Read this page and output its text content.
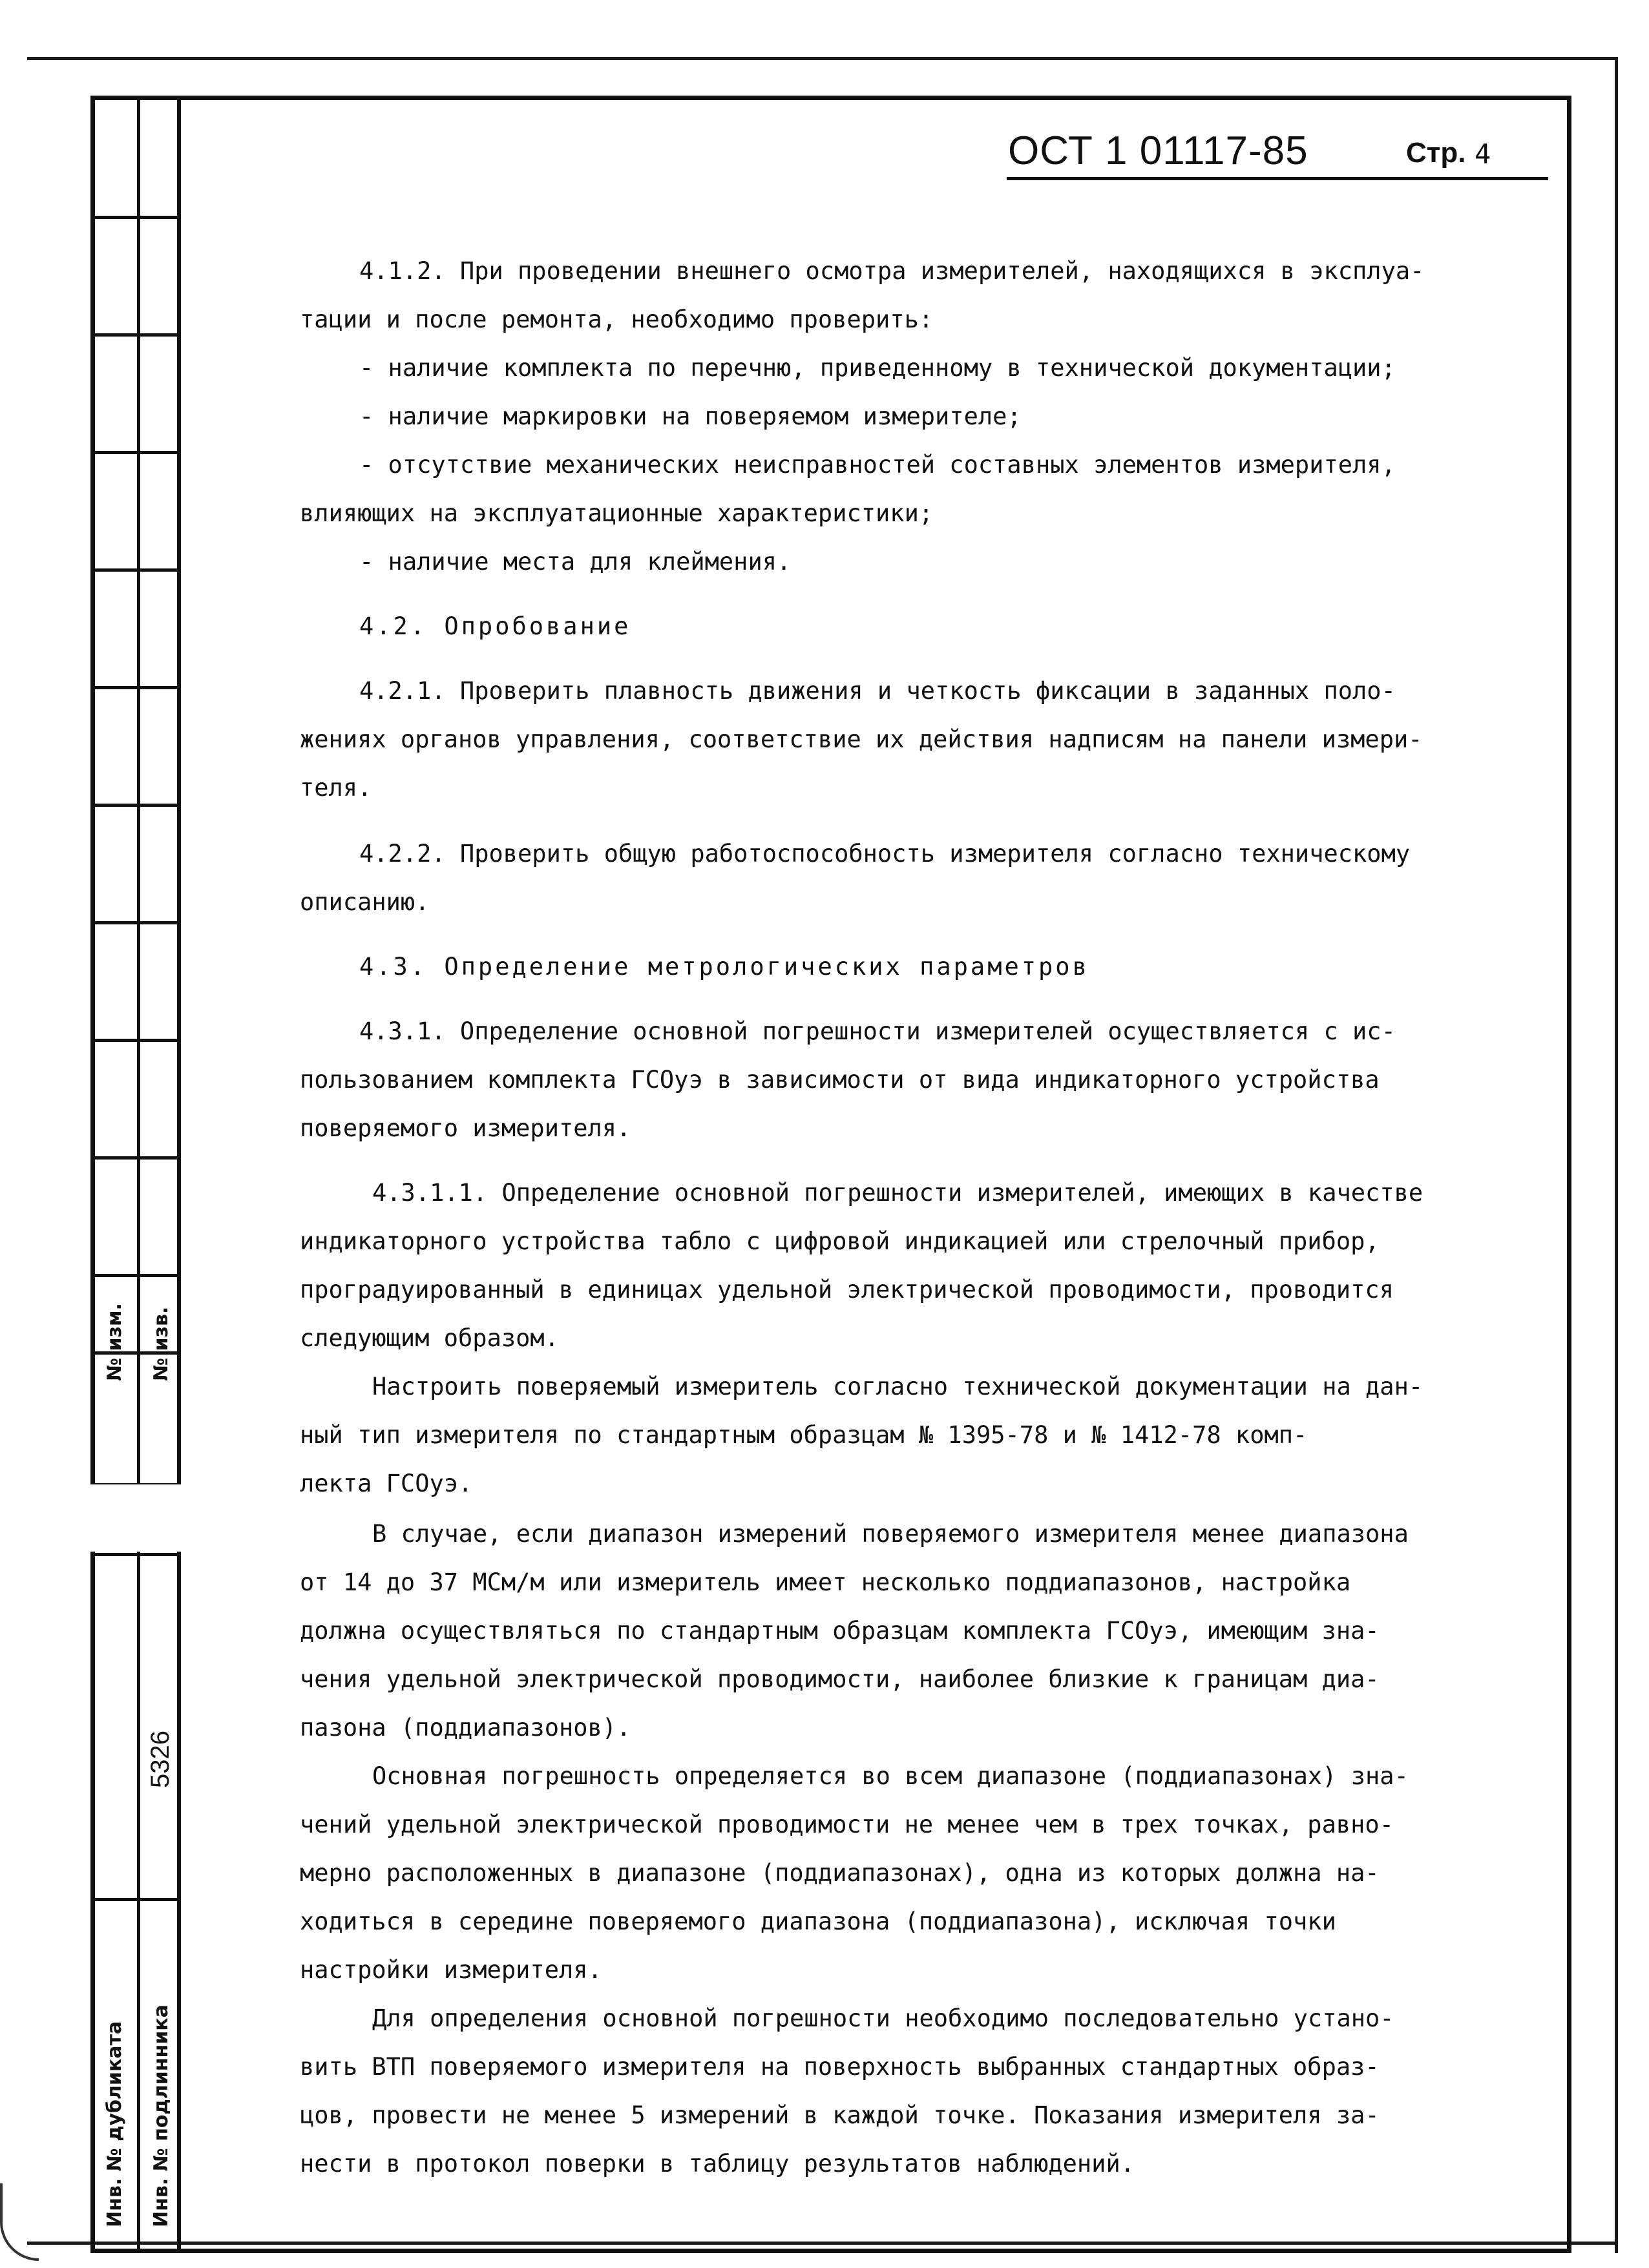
№ изм. № изв.
5326
Инв. № дубликата Инв. № подлинника
ОСТ 1 01117-85	Стр. 4
4.1.2. При проведении внешнего осмотра измерителей, находящихся в эксплуа-
тации и после ремонта, необходимо проверить:
- наличие комплекта по перечню, приведенному в технической документации;
- наличие маркировки на поверяемом измерителе;
- отсутствие механических неисправностей составных элементов измерителя,
влияющих на эксплуатационные характеристики;
- наличие места для клеймения.
4.2. Опробование
4.2.1. Проверить плавность движения и четкость фиксации в заданных поло-
жениях органов управления, соответствие их действия надписям на панели измери-
теля.
4.2.2. Проверить общую работоспособность измерителя согласно техническому
описанию.
4.3. Определение метрологических параметров
4.3.1. Определение основной погрешности измерителей осуществляется с ис-
пользованием комплекта ГСОуэ в зависимости от вида индикаторного устройства
поверяемого измерителя.
4.3.1.1. Определение основной погрешности измерителей, имеющих в качестве
индикаторного устройства табло с цифровой индикацией или стрелочный прибор,
проградуированный в единицах удельной электрической проводимости, проводится
следующим образом.
Настроить поверяемый измеритель согласно технической документации на дан-
ный тип измерителя по стандартным образцам № 1395-78 и № 1412-78 комп-
лекта ГСОуэ.
В случае, если диапазон измерений поверяемого измерителя менее диапазона
от 14 до 37 МСм/м или измеритель имеет несколько поддиапазонов, настройка
должна осуществляться по стандартным образцам комплекта ГСОуэ, имеющим зна-
чения удельной электрической проводимости, наиболее близкие к границам диа-
пазона (поддиапазонов).
Основная погрешность определяется во всем диапазоне (поддиапазонах) зна-
чений удельной электрической проводимости не менее чем в трех точках, равно-
мерно расположенных в диапазоне (поддиапазонах), одна из которых должна на-
ходиться в середине поверяемого диапазона (поддиапазона), исключая точки
настройки измерителя.
Для определения основной погрешности необходимо последовательно устано-
вить ВТП поверяемого измерителя на поверхность выбранных стандартных образ-
цов, провести не менее 5 измерений в каждой точке. Показания измерителя за-
нести в протокол поверки в таблицу результатов наблюдений.
